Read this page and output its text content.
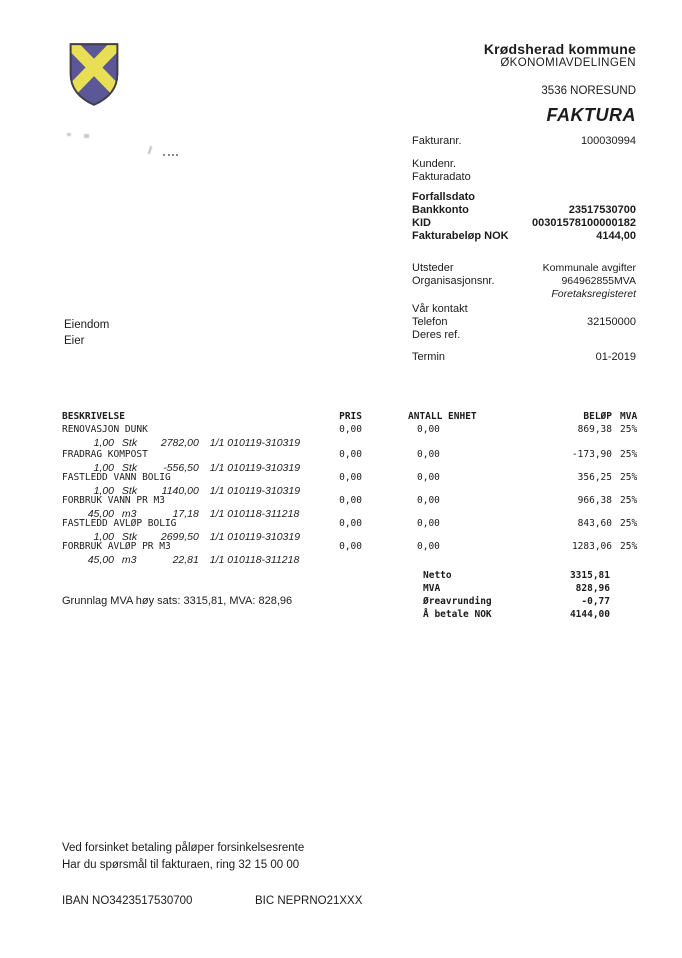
Krødsherad kommune
ØKONOMIAVDELINGEN
3536 NORESUND
FAKTURA
Fakturanr.	100030994
Kundenr.
Fakturadato
Forfallsdato
Bankkonto	23517530700
KID	00301578100000182
Fakturabeløp NOK	4144,00
Utsteder	Kommunale avgifter
Organisasjonsnr.	964962855MVA
Foretaksregisteret
Vår kontakt
Telefon	32150000
Deres ref.
Termin	01-2019
Eiendom
Eier
BESKRIVELSE	PRIS	ANTALL ENHET	BELØP MVA
RENOVASJON DUNK	0,00	0,00	869,38 25%
1,00 Stk 2782,00 1/1 010119-310319
FRADRAG KOMPOST	0,00	0,00	-173,90 25%
1,00 Stk -556,50 1/1 010119-310319
FASTLEDD VANN BOLIG	0,00	0,00	356,25 25%
1,00 Stk 1140,00 1/1 010119-310319
FORBRUK VANN PR M3	0,00	0,00	966,38 25%
45,00 m3	17,18 1/1 010118-311218
FASTLEDD AVLØP BOLIG	0,00	0,00	843,60 25%
1,00 Stk 2699,50 1/1 010119-310319
FORBRUK AVLØP PR M3	0,00	0,00	1283,06 25%
45,00 m3	22,81 1/1 010118-311218
Netto	3315,81
MVA	828,96
Øreavrunding	-0,77
Å betale NOK	4144,00
Grunnlag MVA høy sats: 3315,81, MVA: 828,96
Ved forsinket betaling påløper forsinkelsesrente
Har du spørsmål til fakturaen, ring 32 15 00 00
IBAN NO3423517530700	BIC NEPRNO21XXX
